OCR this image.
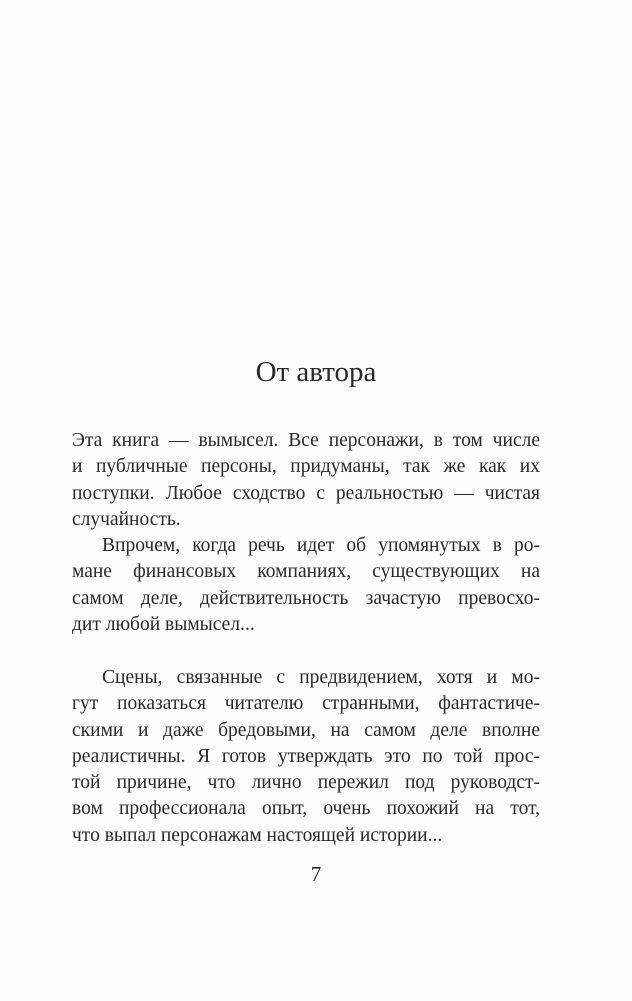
От автора
Эта книга — вымысел. Все персонажи, в том числе
и публичные персоны, придуманы, так же как их
поступки. Любое сходство с реальностью — чистая
случайность.
Впрочем, когда речь идет об упомянутых в ро-
мане финансовых компаниях, существующих на
самом деле, действительность зачастую превосхо-
дит любой вымысел...
Сцены, связанные с предвидением, хотя и мо-
гут показаться читателю странными, фантастиче-
скими и даже бредовыми, на самом деле вполне
реалистичны. Я готов утверждать это по той прос-
той причине, что лично пережил под руководст-
вом профессионала опыт, очень похожий на тот,
что выпал персонажам настоящей истории...
7
